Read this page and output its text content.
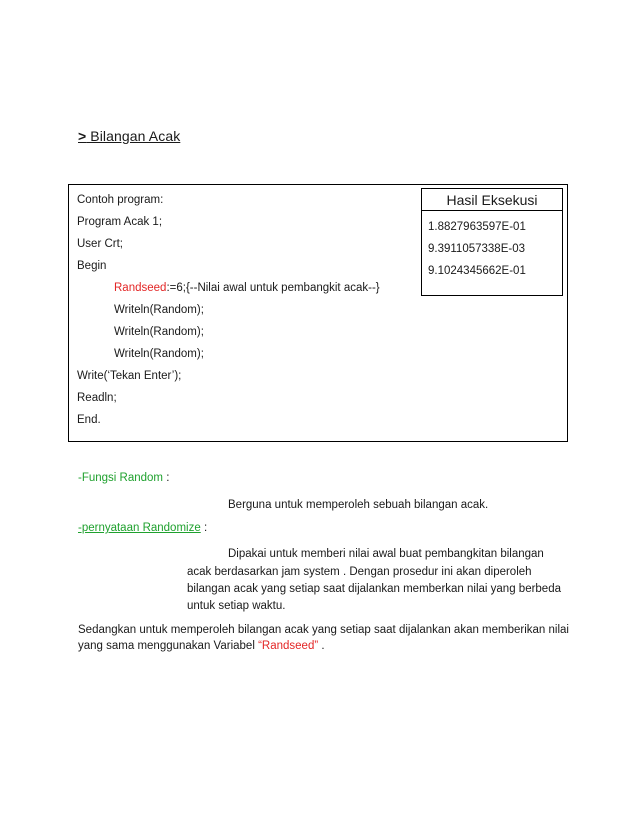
> Bilangan Acak
Contoh program:
Program Acak 1;
User Crt;
Begin
Randseed:=6;{--Nilai awal untuk pembangkit acak--}
Writeln(Random);
Writeln(Random);
Writeln(Random);
Write(‘Tekan Enter’);
Readln;
End.
Hasil Eksekusi
1.8827963597E-01
9.3911057338E-03
9.1024345662E-01
-Fungsi Random :
Berguna untuk memperoleh sebuah bilangan acak.
-pernyataan Randomize :
Dipakai untuk memberi nilai awal buat pembangkitan bilangan
acak berdasarkan jam system . Dengan prosedur ini akan diperoleh
bilangan acak yang setiap saat dijalankan memberkan nilai yang berbeda
untuk setiap waktu.
Sedangkan untuk memperoleh bilangan acak yang setiap saat dijalankan akan memberikan nilai
yang sama menggunakan Variabel “Randseed” .
